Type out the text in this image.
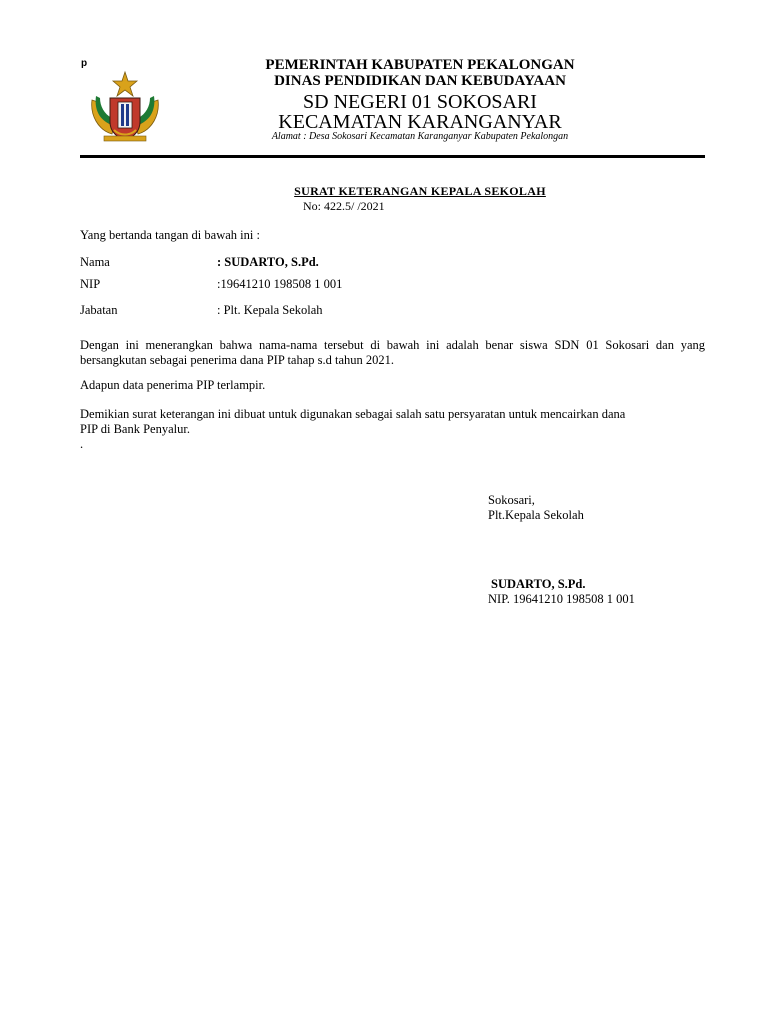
p	PEMERINTAH KABUPATEN PEKALONGAN
DINAS PENDIDIKAN DAN KEBUDAYAAN
SD NEGERI 01 SOKOSARI
KECAMATAN KARANGANYAR
Alamat : Desa Sokosari Kecamatan Karanganyar Kabupaten Pekalongan
SURAT KETERANGAN KEPALA SEKOLAH
No: 422.5/ /2021
Yang bertanda tangan di bawah ini :
Nama	: SUDARTO, S.Pd.
NIP	:19641210 198508 1 001
Jabatan	: Plt. Kepala Sekolah
Dengan ini menerangkan bahwa nama-nama tersebut di bawah ini adalah benar siswa SDN 01 Sokosari dan yang bersangkutan sebagai penerima dana PIP tahap s.d tahun 2021.
Adapun data penerima PIP terlampir.
Demikian surat keterangan ini dibuat untuk digunakan sebagai salah satu persyaratan untuk mencairkan dana PIP di Bank Penyalur.
.
Sokosari,
Plt.Kepala Sekolah
SUDARTO, S.Pd.
NIP. 19641210 198508 1 001
